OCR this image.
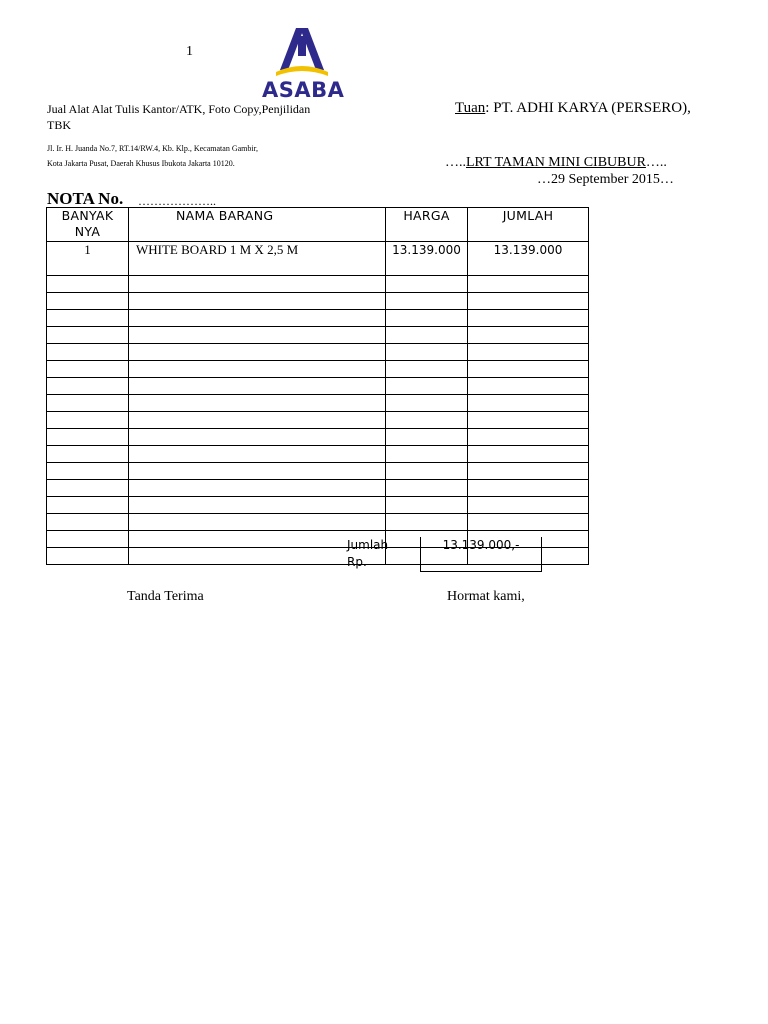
1
ASABA
Jual Alat Alat Tulis Kantor/ATK, Foto Copy,Penjilidan
TBK
Jl. Ir. H. Juanda No.7, RT.14/RW.4, Kb. Klp., Kecamatan Gambir,
Kota Jakarta Pusat, Daerah Khusus Ibukota Jakarta 10120.
Tuan: PT. ADHI KARYA (PERSERO),
…..LRT TAMAN MINI CIBUBUR…..
…29 September 2015…
NOTA No. ………………..
BANYAK NYA	NAMA BARANG	HARGA	JUMLAH
1	WHITE BOARD 1 M X 2,5 M	13.139.000	13.139.000

Jumlah Rp.
13.139.000,-
Tanda Terima	Hormat kami,
